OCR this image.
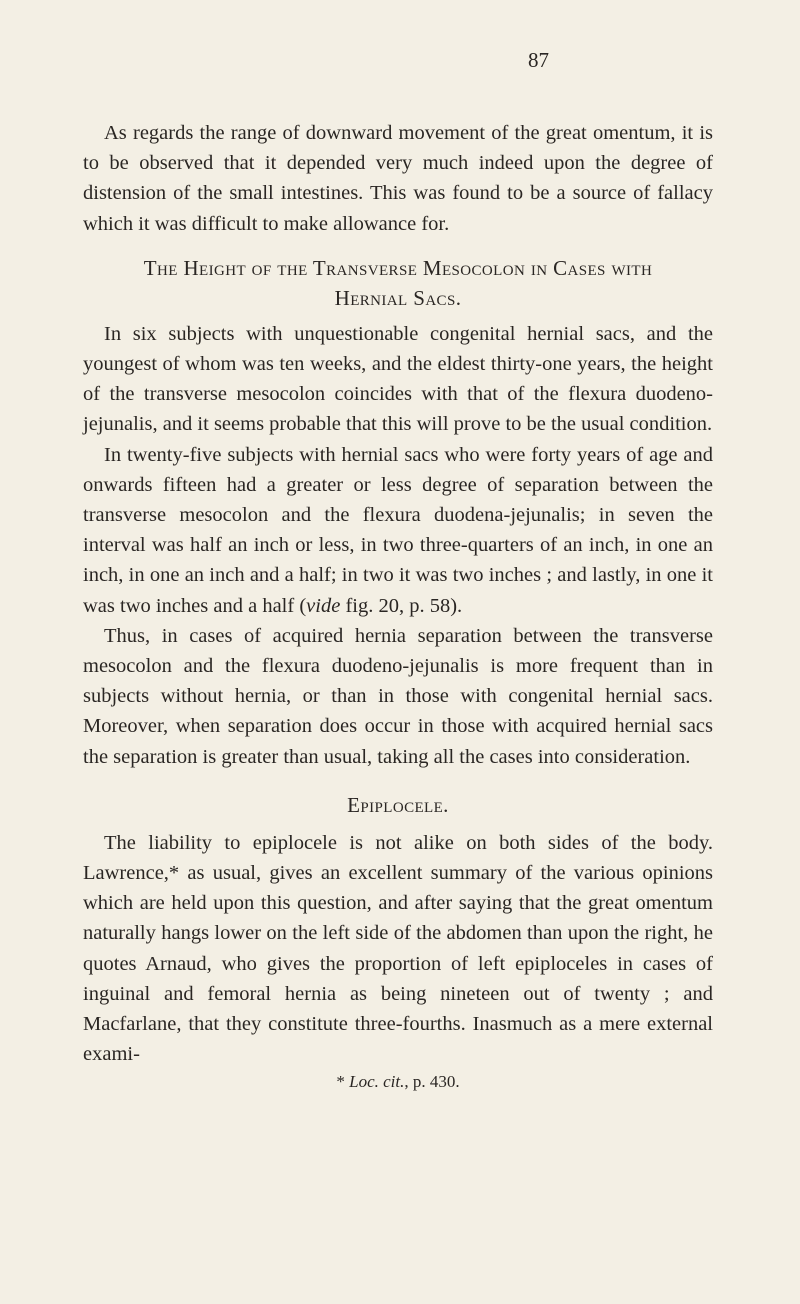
87

As regards the range of downward movement of the great omentum, it is to be observed that it depended very much indeed upon the degree of distension of the small intestines. This was found to be a source of fallacy which it was difficult to make allowance for.

The Height of the Transverse Mesocolon in Cases with
Hernial Sacs.

In six subjects with unquestionable congenital hernial sacs, and the youngest of whom was ten weeks, and the eldest thirty-one years, the height of the transverse mesocolon coincides with that of the flexura duodeno-jejunalis, and it seems probable that this will prove to be the usual condition.

In twenty-five subjects with hernial sacs who were forty years of age and onwards fifteen had a greater or less degree of separation between the transverse mesocolon and the flexura duodena-jejunalis; in seven the interval was half an inch or less, in two three-quarters of an inch, in one an inch, in one an inch and a half; in two it was two inches ; and lastly, in one it was two inches and a half (vide fig. 20, p. 58).

Thus, in cases of acquired hernia separation between the transverse mesocolon and the flexura duodeno-jejunalis is more frequent than in subjects without hernia, or than in those with congenital hernial sacs. Moreover, when separation does occur in those with acquired hernial sacs the separation is greater than usual, taking all the cases into consideration.

Epiplocele.

The liability to epiplocele is not alike on both sides of the body. Lawrence,* as usual, gives an excellent summary of the various opinions which are held upon this question, and after saying that the great omentum naturally hangs lower on the left side of the abdomen than upon the right, he quotes Arnaud, who gives the proportion of left epiploceles in cases of inguinal and femoral hernia as being nineteen out of twenty ; and Macfarlane, that they constitute three-fourths. Inasmuch as a mere external exami-

* Loc. cit., p. 430.
